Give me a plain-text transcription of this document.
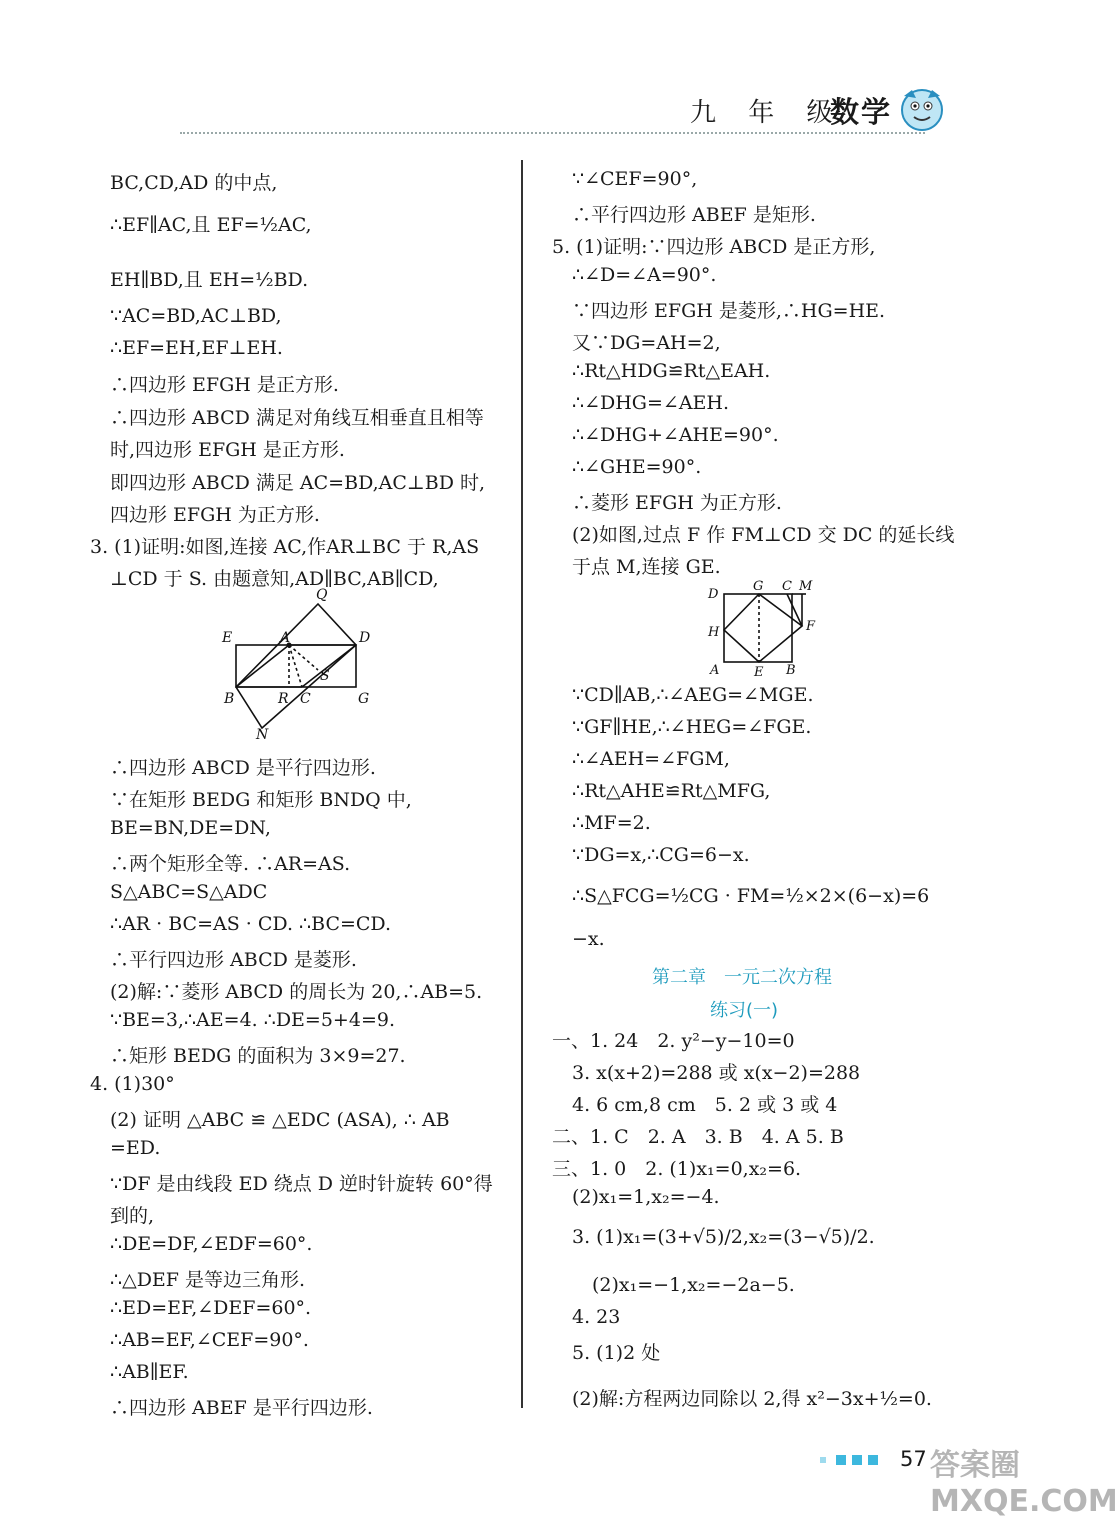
九 年 级
数学
BC,CD,AD 的中点,
∴EF∥AC,且 EF=½AC,
EH∥BD,且 EH=½BD.
∵AC=BD,AC⊥BD,
∴EF=EH,EF⊥EH.
∴四边形 EFGH 是正方形.
∴四边形 ABCD 满足对角线互相垂直且相等
时,四边形 EFGH 是正方形.
即四边形 ABCD 满足 AC=BD,AC⊥BD 时,
四边形 EFGH 为正方形.
3. (1)证明:如图,连接 AC,作AR⊥BC 于 R,AS
⊥CD 于 S. 由题意知,AD∥BC,AB∥CD,
Q
E	A	D
S
B	R C	G
N
∴四边形 ABCD 是平行四边形.
∵在矩形 BEDG 和矩形 BNDQ 中,
BE=BN,DE=DN,
∴两个矩形全等. ∴AR=AS.
S△ABC=S△ADC
∴AR · BC=AS · CD. ∴BC=CD.
∴平行四边形 ABCD 是菱形.
(2)解:∵菱形 ABCD 的周长为 20,∴AB=5.
∵BE=3,∴AE=4. ∴DE=5+4=9.
∴矩形 BEDG 的面积为 3×9=27.
4. (1)30°
(2) 证明 △ABC ≌ △EDC (ASA), ∴ AB
=ED.
∵DF 是由线段 ED 绕点 D 逆时针旋转 60°得
到的,
∴DE=DF,∠EDF=60°.
∴△DEF 是等边三角形.
∴ED=EF,∠DEF=60°.
∴AB=EF,∠CEF=90°.
∴AB∥EF.
∴四边形 ABEF 是平行四边形.
∵∠CEF=90°,
∴平行四边形 ABEF 是矩形.
5. (1)证明:∵四边形 ABCD 是正方形,
∴∠D=∠A=90°.
∵四边形 EFGH 是菱形,∴HG=HE.
又∵DG=AH=2,
∴Rt△HDG≌Rt△EAH.
∴∠DHG=∠AEH.
∴∠DHG+∠AHE=90°.
∴∠GHE=90°.
∴菱形 EFGH 为正方形.
(2)如图,过点 F 作 FM⊥CD 交 DC 的延长线
于点 M,连接 GE.
D
G C M
H	F
A	E B
∵CD∥AB,∴∠AEG=∠MGE.
∵GF∥HE,∴∠HEG=∠FGE.
∴∠AEH=∠FGM,
∴Rt△AHE≌Rt△MFG,
∴MF=2.
∵DG=x,∴CG=6−x.
∴S△FCG=½CG · FM=½×2×(6−x)=6
−x.
第二章　一元二次方程
练习(一)
一、1. 24　2. y²−y−10=0
3. x(x+2)=288 或 x(x−2)=288
4. 6 cm,8 cm　5. 2 或 3 或 4
二、1. C　2. A　3. B　4. A 5. B
三、1. 0　2. (1)x₁=0,x₂=6.
(2)x₁=1,x₂=−4.
3. (1)x₁=(3+√5)/2,x₂=(3−√5)/2.
(2)x₁=−1,x₂=−2a−5.
4. 23
5. (1)2 处
(2)解:方程两边同除以 2,得 x²−3x+½=0.
57 答案圈 MXQE.COM
